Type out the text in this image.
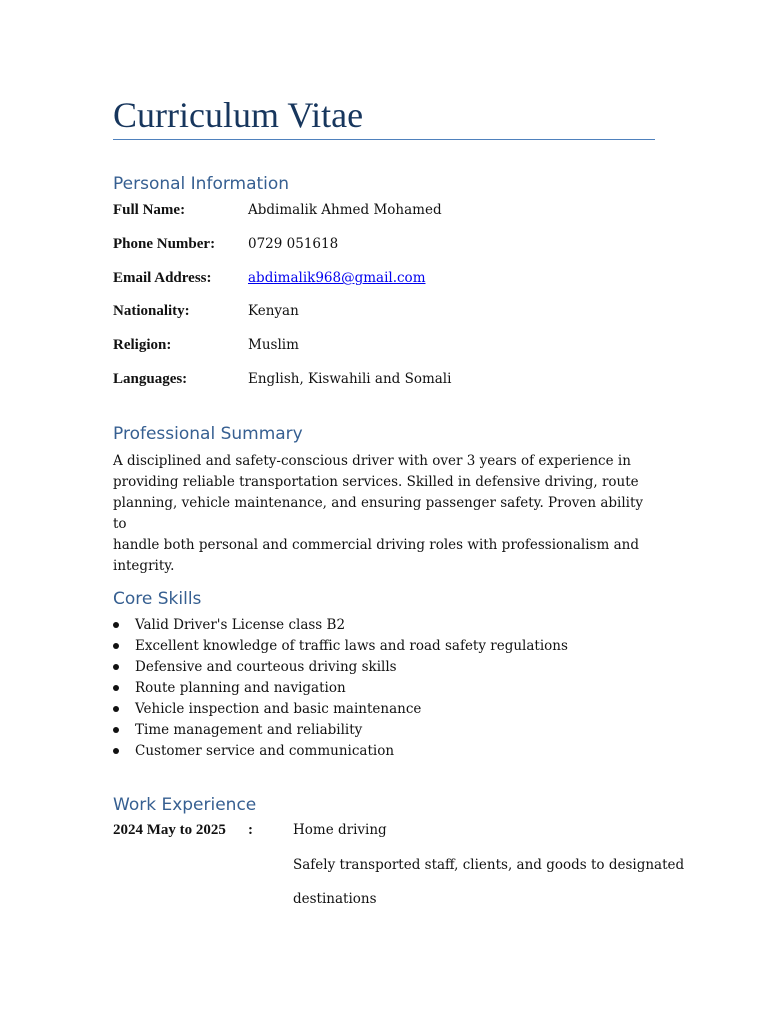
Curriculum Vitae
Personal Information
Full Name:	Abdimalik Ahmed Mohamed
Phone Number: 0729 051618
Email Address:	abdimalik968@gmail.com
Nationality:	Kenyan
Religion:	Muslim
Languages:	English, Kiswahili and Somali
Professional Summary
A disciplined and safety-conscious driver with over 3 years of experience in
providing reliable transportation services. Skilled in defensive driving, route
planning, vehicle maintenance, and ensuring passenger safety. Proven ability to
handle both personal and commercial driving roles with professionalism and
integrity.
Core Skills
Valid Driver's License class B2
Excellent knowledge of traffic laws and road safety regulations
Defensive and courteous driving skills
Route planning and navigation
Vehicle inspection and basic maintenance
Time management and reliability
Customer service and communication
Work Experience
2024 May to 2025 :	Home driving
Safely transported staff, clients, and goods to designated
destinations
